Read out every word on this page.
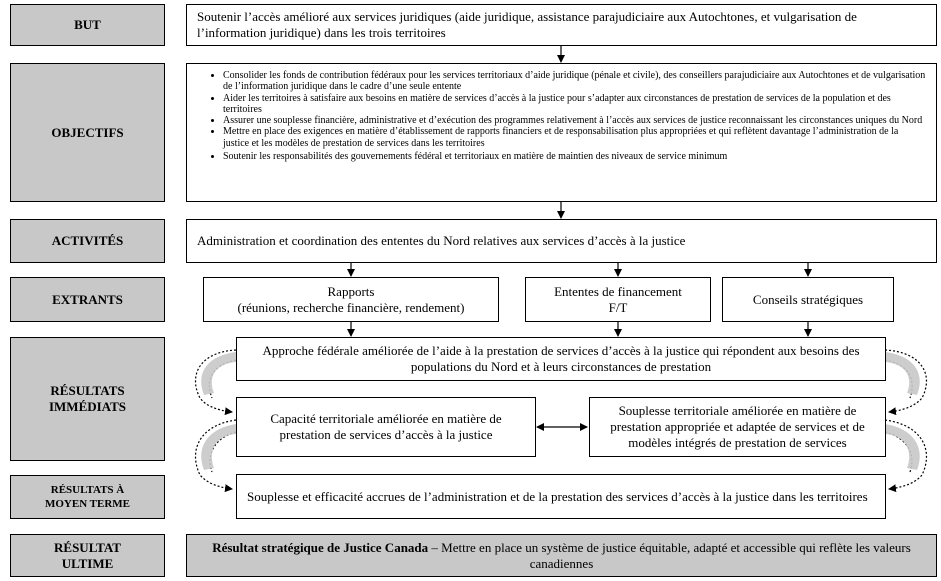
BUT
OBJECTIFS
ACTIVITÉS
EXTRANTS
RÉSULTATS
IMMÉDIATS
RÉSULTATS À
MOYEN TERME
RÉSULTAT
ULTIME
Soutenir l’accès amélioré aux services juridiques (aide juridique, assistance parajudiciaire aux Autochtones, et vulgarisation de l’information juridique) dans les trois territoires
• Consolider les fonds de contribution fédéraux pour les services territoriaux d’aide juridique (pénale et civile), des conseillers parajudiciaire aux Autochtones et de vulgarisation de l’information juridique dans le cadre d’une seule entente
• Aider les territoires à satisfaire aux besoins en matière de services d’accès à la justice pour s’adapter aux circonstances de prestation de services de la population et des territoires
• Assurer une souplesse financière, administrative et d’exécution des programmes relativement à l’accès aux services de justice reconnaissant les circonstances uniques du Nord
• Mettre en place des exigences en matière d’établissement de rapports financiers et de responsabilisation plus appropriées et qui reflètent davantage l’administration de la justice et les modèles de prestation de services dans les territoires
• Soutenir les responsabilités des gouvernements fédéral et territoriaux en matière de maintien des niveaux de service minimum
Administration et coordination des ententes du Nord relatives aux services d’accès à la justice
Rapports
(réunions, recherche financière, rendement)
Ententes de financement
F/T
Conseils stratégiques
Approche fédérale améliorée de l’aide à la prestation de services d’accès à la justice qui répondent aux besoins des populations du Nord et à leurs circonstances de prestation
Capacité territoriale améliorée en matière de prestation de services d’accès à la justice
Souplesse territoriale améliorée en matière de prestation appropriée et adaptée de services et de modèles intégrés de prestation de services
Souplesse et efficacité accrues de l’administration et de la prestation des services d’accès à la justice dans les territoires
Résultat stratégique de Justice Canada – Mettre en place un système de justice équitable, adapté et accessible qui reflète les valeurs canadiennes
